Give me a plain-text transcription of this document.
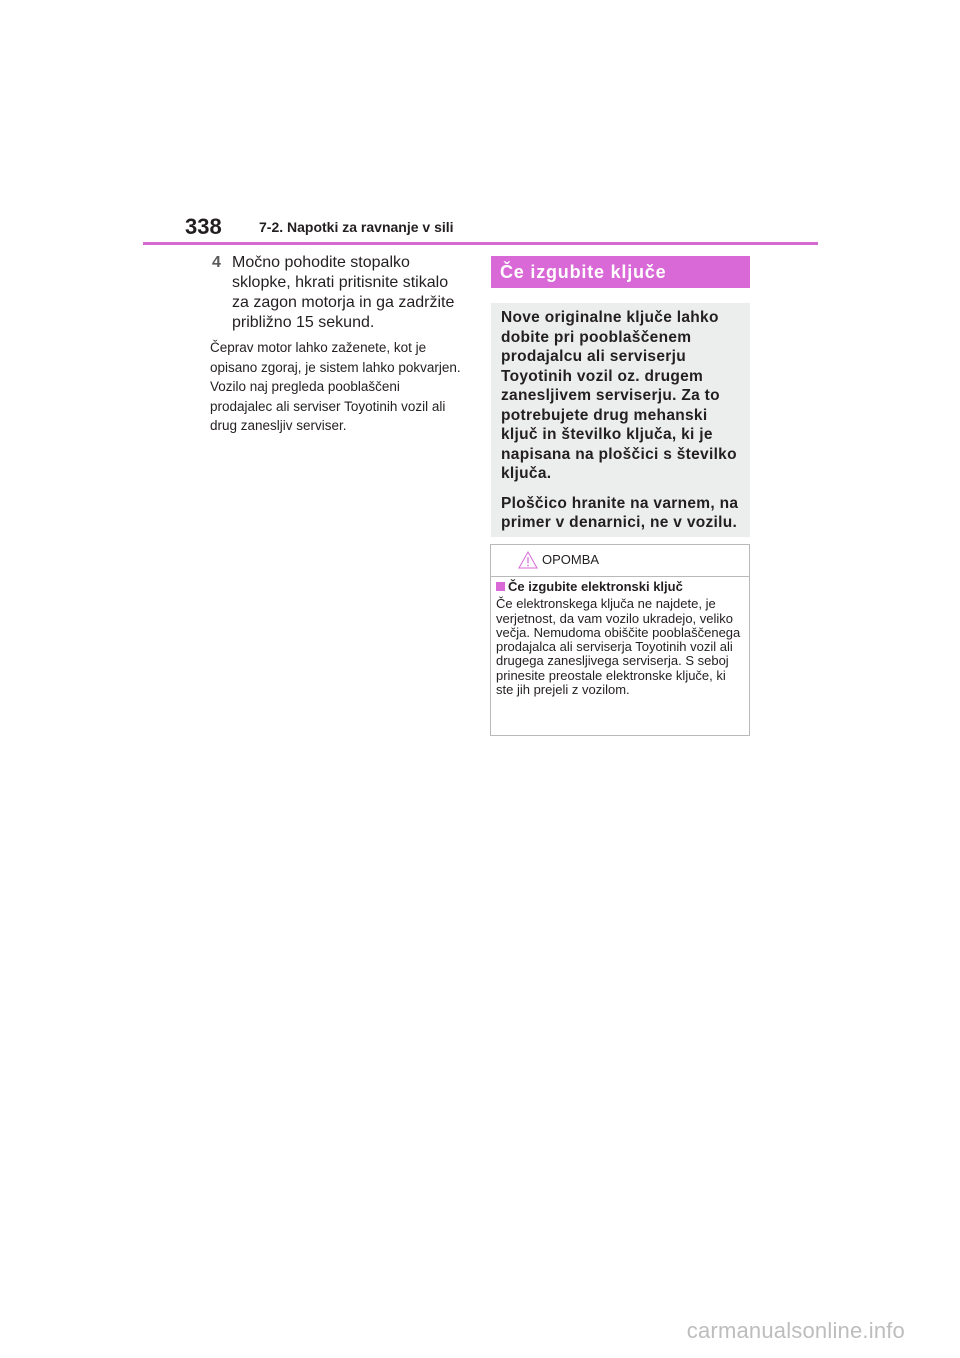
338	7-2. Napotki za ravnanje v sili
4 Močno pohodite stopalko sklopke, hkrati pritisnite stikalo za zagon motorja in ga zadržite približno 15 sekund.
Čeprav motor lahko zaženete, kot je opisano zgoraj, je sistem lahko pokvarjen. Vozilo naj pregleda pooblaščeni prodajalec ali serviser Toyotinih vozil ali drug zanesljiv serviser.
Če izgubite ključe

Nove originalne ključe lahko dobite pri pooblaščenem prodajalcu ali serviserju Toyotinih vozil oz. drugem zanesljivem serviserju. Za to potrebujete drug mehanski ključ in številko ključa, ki je napisana na ploščici s številko ključa.

Ploščico hranite na varnem, na primer v denarnici, ne v vozilu.

OPOMBA
Če izgubite elektronski ključ
Če elektronskega ključa ne najdete, je verjetnost, da vam vozilo ukradejo, veliko večja. Nemudoma obiščite pooblaščenega prodajalca ali serviserja Toyotinih vozil ali drugega zanesljivega serviserja. S seboj prinesite preostale elektronske ključe, ki ste jih prejeli z vozilom.
carmanualsonline.info
